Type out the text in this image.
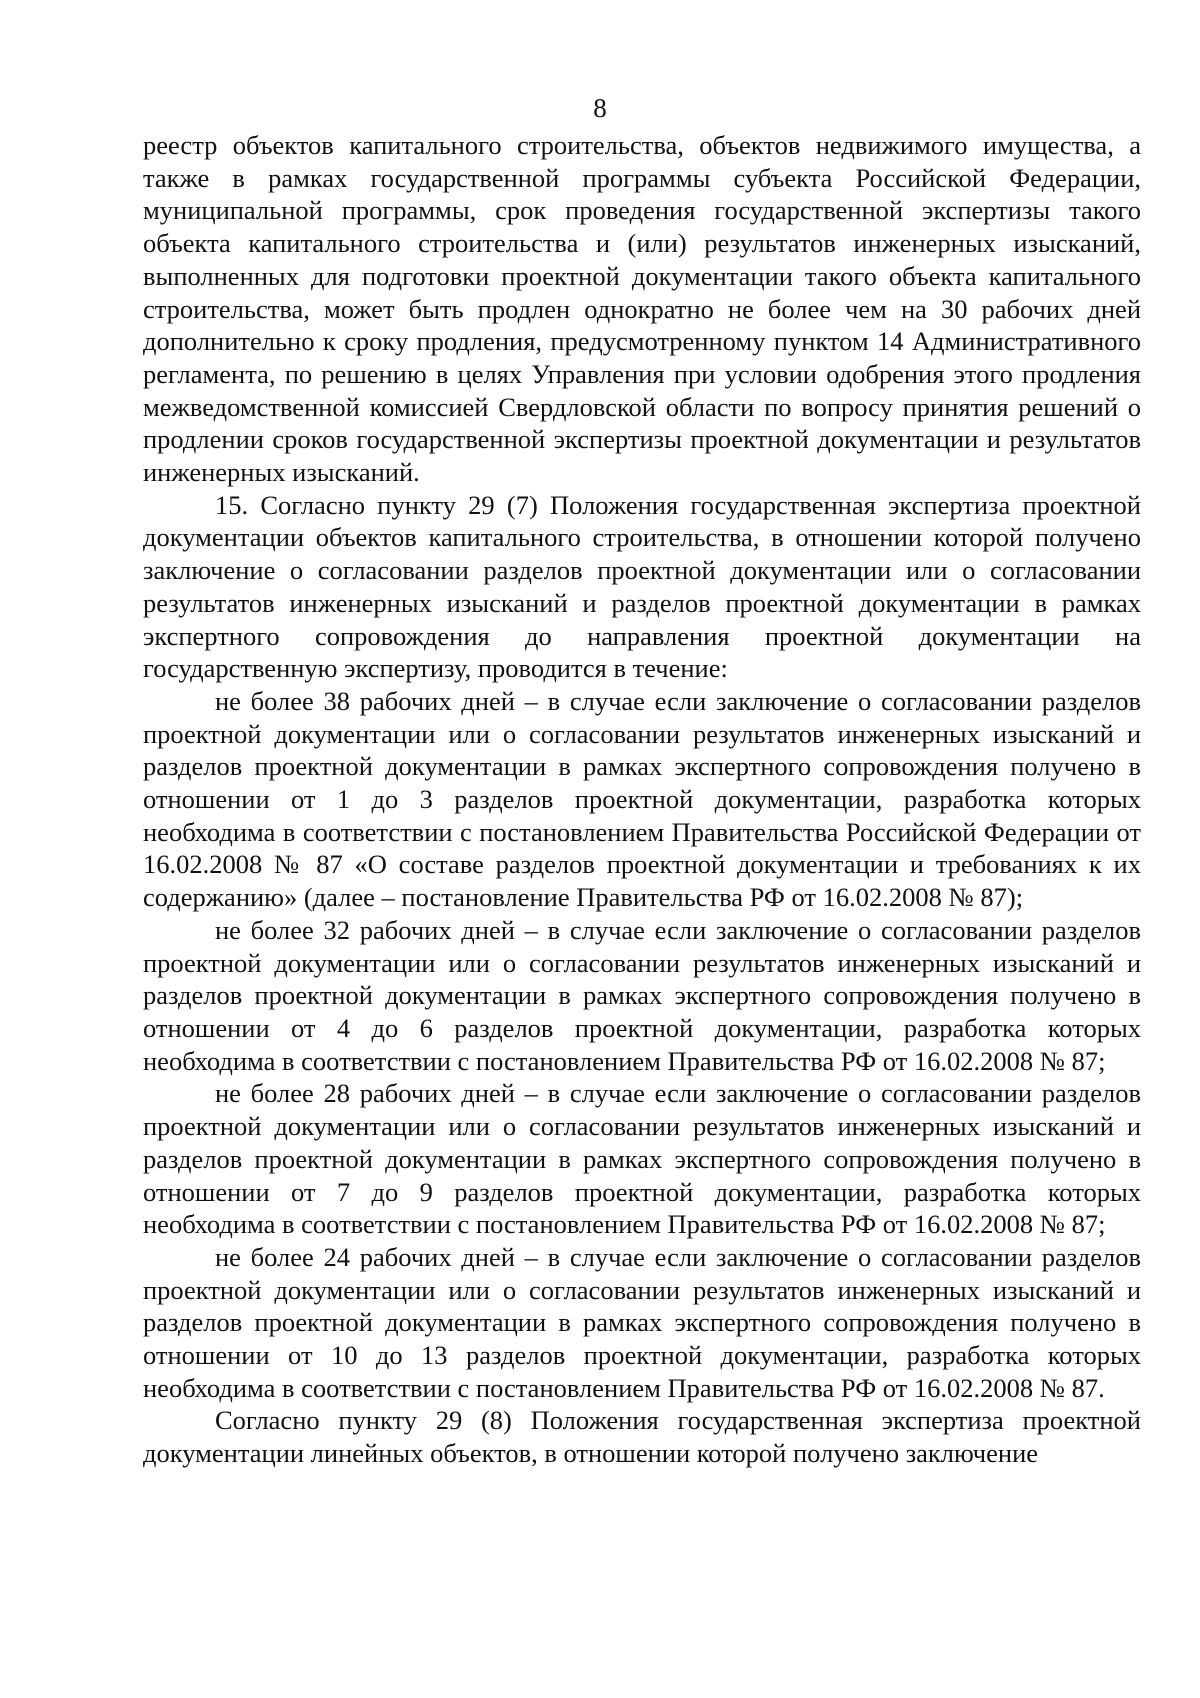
8

реестр объектов капитального строительства, объектов недвижимого имущества, а также в рамках государственной программы субъекта Российской Федерации, муниципальной программы, срок проведения государственной экспертизы такого объекта капитального строительства и (или) результатов инженерных изысканий, выполненных для подготовки проектной документации такого объекта капитального строительства, может быть продлен однократно не более чем на 30 рабочих дней дополнительно к сроку продления, предусмотренному пунктом 14 Административного регламента, по решению в целях Управления при условии одобрения этого продления межведомственной комиссией Свердловской области по вопросу принятия решений о продлении сроков государственной экспертизы проектной документации и результатов инженерных изысканий.

15. Согласно пункту 29 (7) Положения государственная экспертиза проектной документации объектов капитального строительства, в отношении которой получено заключение о согласовании разделов проектной документации или о согласовании результатов инженерных изысканий и разделов проектной документации в рамках экспертного сопровождения до направления проектной документации на государственную экспертизу, проводится в течение:

не более 38 рабочих дней – в случае если заключение о согласовании разделов проектной документации или о согласовании результатов инженерных изысканий и разделов проектной документации в рамках экспертного сопровождения получено в отношении от 1 до 3 разделов проектной документации, разработка которых необходима в соответствии с постановлением Правительства Российской Федерации от 16.02.2008 № 87 «О составе разделов проектной документации и требованиях к их содержанию» (далее – постановление Правительства РФ от 16.02.2008 № 87);

не более 32 рабочих дней – в случае если заключение о согласовании разделов проектной документации или о согласовании результатов инженерных изысканий и разделов проектной документации в рамках экспертного сопровождения получено в отношении от 4 до 6 разделов проектной документации, разработка которых необходима в соответствии с постановлением Правительства РФ от 16.02.2008 № 87;

не более 28 рабочих дней – в случае если заключение о согласовании разделов проектной документации или о согласовании результатов инженерных изысканий и разделов проектной документации в рамках экспертного сопровождения получено в отношении от 7 до 9 разделов проектной документации, разработка которых необходима в соответствии с постановлением Правительства РФ от 16.02.2008 № 87;

не более 24 рабочих дней – в случае если заключение о согласовании разделов проектной документации или о согласовании результатов инженерных изысканий и разделов проектной документации в рамках экспертного сопровождения получено в отношении от 10 до 13 разделов проектной документации, разработка которых необходима в соответствии с постановлением Правительства РФ от 16.02.2008 № 87.

Согласно пункту 29 (8) Положения государственная экспертиза проектной документации линейных объектов, в отношении которой получено заключение
